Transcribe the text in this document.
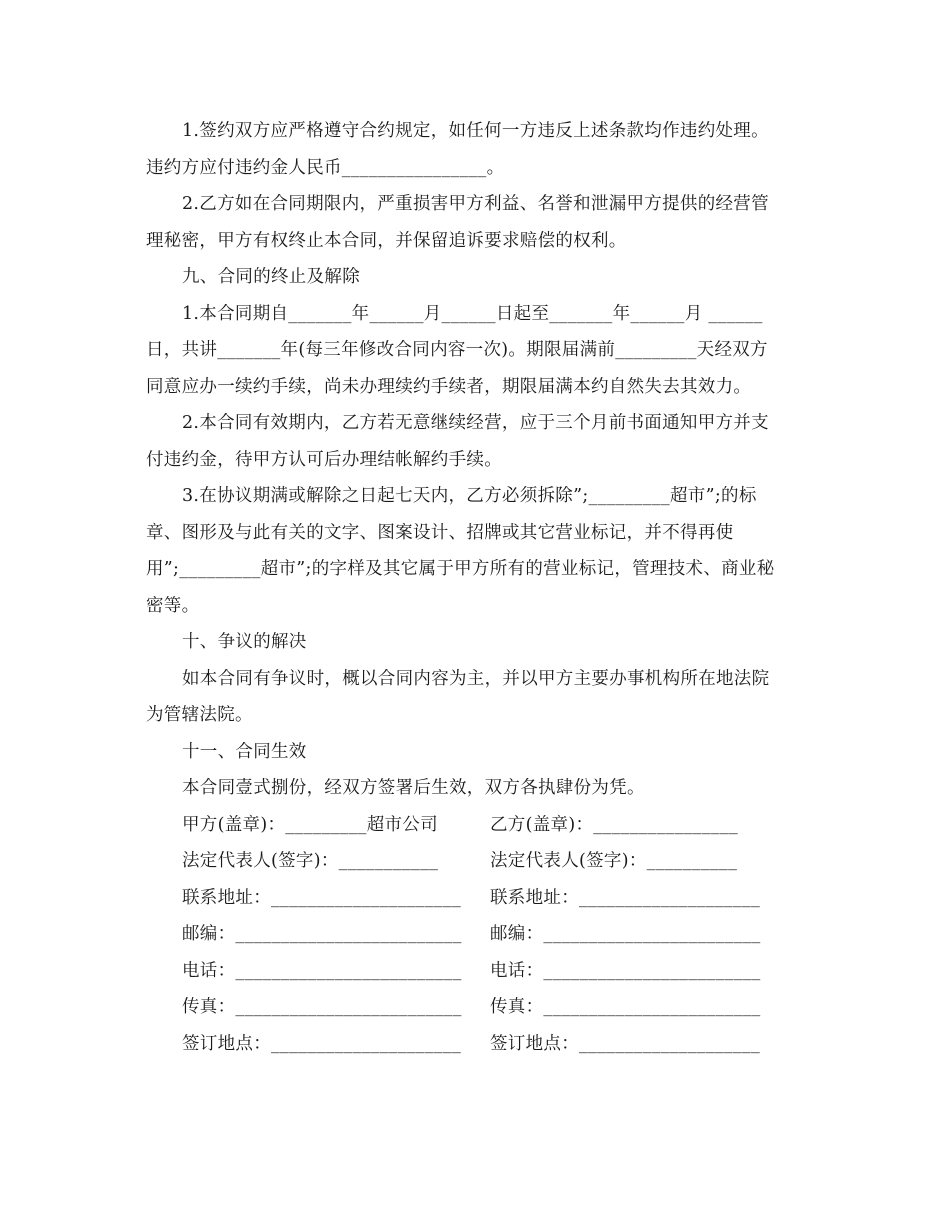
1.签约双方应严格遵守合约规定，如任何一方违反上述条款均作违约处理。
违约方应付违约金人民币________________。
2.乙方如在合同期限内，严重损害甲方利益、名誉和泄漏甲方提供的经营管
理秘密，甲方有权终止本合同，并保留追诉要求赔偿的权利。
九、合同的终止及解除
1.本合同期自_______年______月______日起至_______年______月 ______
日，共讲_______年(每三年修改合同内容一次)。期限届满前_________天经双方
同意应办一续约手续，尚未办理续约手续者，期限届满本约自然失去其效力。
2.本合同有效期内，乙方若无意继续经营，应于三个月前书面通知甲方并支
付违约金，待甲方认可后办理结帐解约手续。
3.在协议期满或解除之日起七天内，乙方必须拆除”;_________超市”;的标
章、图形及与此有关的文字、图案设计、招牌或其它营业标记，并不得再使
用”;_________超市”;的字样及其它属于甲方所有的营业标记，管理技术、商业秘
密等。
十、争议的解决
如本合同有争议时，概以合同内容为主，并以甲方主要办事机构所在地法院
为管辖法院。
十一、合同生效
本合同壹式捌份，经双方签署后生效，双方各执肆份为凭。
甲方(盖章)：_________超市公司	乙方(盖章)：________________
法定代表人(签字)：___________	法定代表人(签字)：__________
联系地址：_____________________ 联系地址：____________________
邮编：_________________________ 邮编：________________________
电话：_________________________ 电话：________________________
传真：_________________________ 传真：________________________
签订地点：_____________________ 签订地点：____________________
